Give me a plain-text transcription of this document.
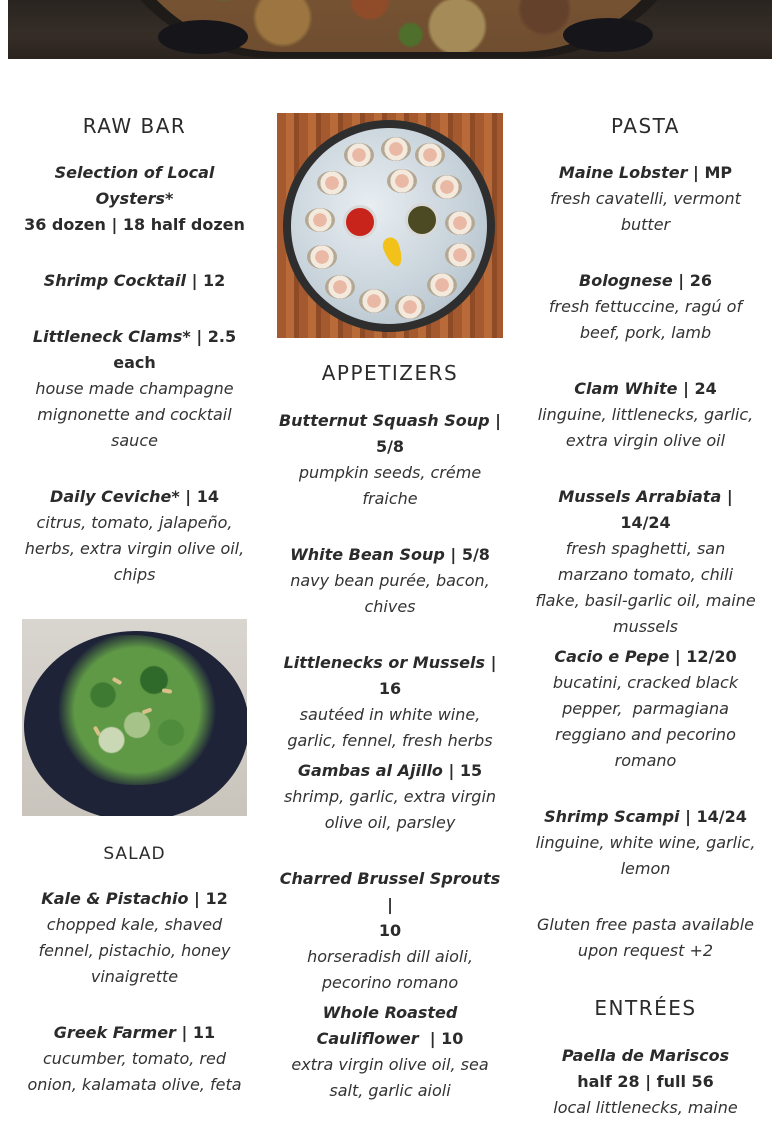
RAW BAR
Selection of Local
Oysters*
36 dozen | 18 half dozen
Shrimp Cocktail | 12
Littleneck Clams* | 2.5
each
house made champagne
mignonette and cocktail
sauce
Daily Ceviche* | 14
citrus, tomato, jalapeño,
herbs, extra virgin olive oil,
chips
SALAD
Kale & Pistachio | 12
chopped kale, shaved
fennel, pistachio, honey
vinaigrette
Greek Farmer | 11
cucumber, tomato, red
onion, kalamata olive, feta
APPETIZERS
Butternut Squash Soup |
5/8
pumpkin seeds, créme
fraiche
White Bean Soup | 5/8
navy bean purée, bacon,
chives
Littlenecks or Mussels | 16
sautéed in white wine,
garlic, fennel, fresh herbs
Gambas al Ajillo | 15
shrimp, garlic, extra virgin
olive oil, parsley
Charred Brussel Sprouts |
10
horseradish dill aioli,
pecorino romano
Whole Roasted
Cauliflower  | 10
extra virgin olive oil, sea
salt, garlic aioli
PASTA
Maine Lobster | MP
fresh cavatelli, vermont
butter
Bolognese | 26
fresh fettuccine, ragú of
beef, pork, lamb
Clam White | 24
linguine, littlenecks, garlic,
extra virgin olive oil
Mussels Arrabiata | 14/24
fresh spaghetti, san
marzano tomato, chili
flake, basil-garlic oil, maine
mussels
Cacio e Pepe | 12/20
bucatini, cracked black
pepper,  parmagiana
reggiano and pecorino
romano
Shrimp Scampi | 14/24
linguine, white wine, garlic,
lemon
Gluten free pasta available
upon request +2
ENTRÉES
Paella de Mariscos
half 28 | full 56
local littlenecks, maine
